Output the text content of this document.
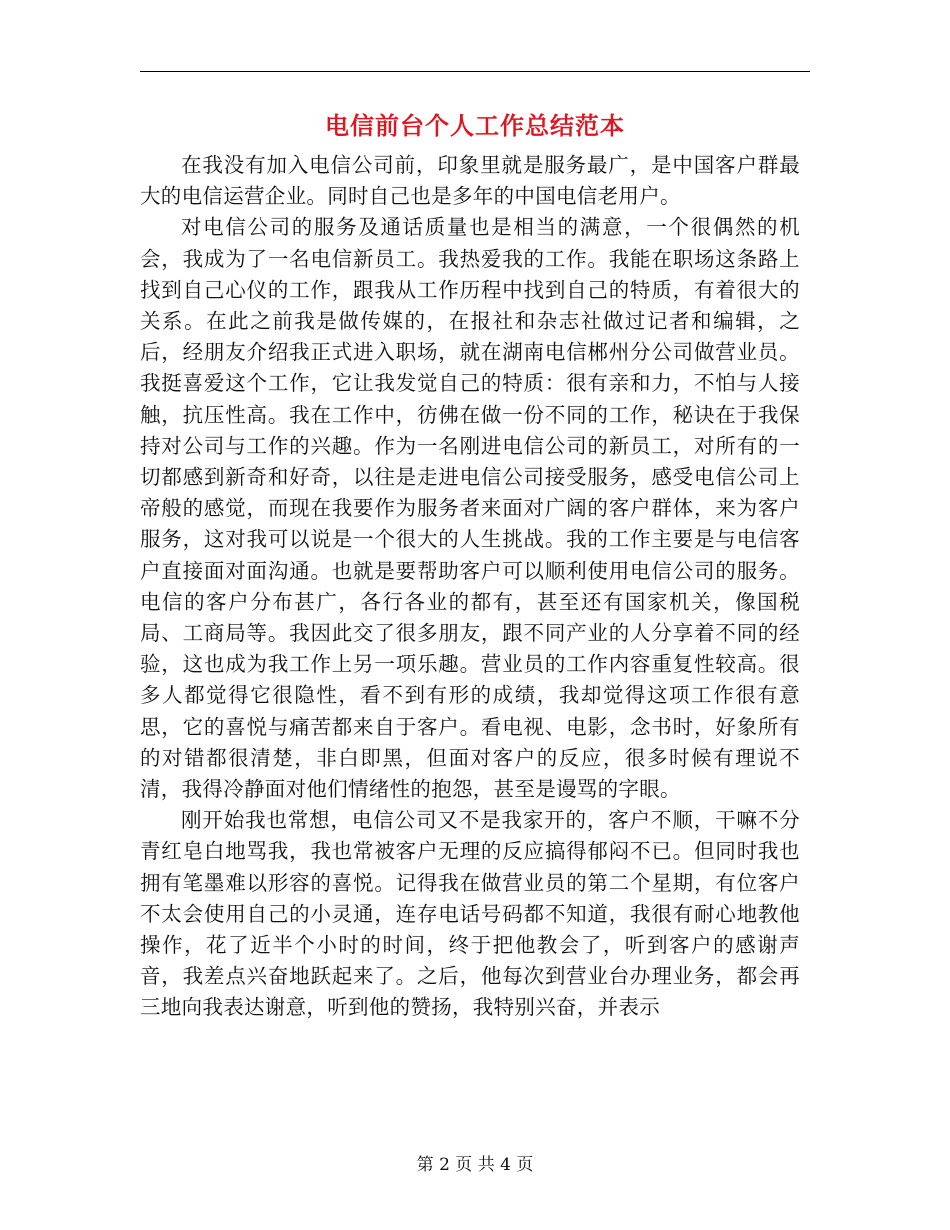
电信前台个人工作总结范本

在我没有加入电信公司前，印象里就是服务最广，是中国客户群最大的电信运营企业。同时自己也是多年的中国电信老用户。

对电信公司的服务及通话质量也是相当的满意，一个很偶然的机会，我成为了一名电信新员工。我热爱我的工作。我能在职场这条路上找到自己心仪的工作，跟我从工作历程中找到自己的特质，有着很大的关系。在此之前我是做传媒的，在报社和杂志社做过记者和编辑，之后，经朋友介绍我正式进入职场，就在湖南电信郴州分公司做营业员。我挺喜爱这个工作，它让我发觉自己的特质：很有亲和力，不怕与人接触，抗压性高。我在工作中，彷佛在做一份不同的工作，秘诀在于我保持对公司与工作的兴趣。作为一名刚进电信公司的新员工，对所有的一切都感到新奇和好奇，以往是走进电信公司接受服务，感受电信公司上帝般的感觉，而现在我要作为服务者来面对广阔的客户群体，来为客户服务，这对我可以说是一个很大的人生挑战。我的工作主要是与电信客户直接面对面沟通。也就是要帮助客户可以顺利使用电信公司的服务。电信的客户分布甚广，各行各业的都有，甚至还有国家机关，像国税局、工商局等。我因此交了很多朋友，跟不同产业的人分享着不同的经验，这也成为我工作上另一项乐趣。营业员的工作内容重复性较高。很多人都觉得它很隐性，看不到有形的成绩，我却觉得这项工作很有意思，它的喜悦与痛苦都来自于客户。看电视、电影，念书时，好象所有的对错都很清楚，非白即黑，但面对客户的反应，很多时候有理说不清，我得冷静面对他们情绪性的抱怨，甚至是谩骂的字眼。

刚开始我也常想，电信公司又不是我家开的，客户不顺，干嘛不分青红皂白地骂我，我也常被客户无理的反应搞得郁闷不已。但同时我也拥有笔墨难以形容的喜悦。记得我在做营业员的第二个星期，有位客户不太会使用自己的小灵通，连存电话号码都不知道，我很有耐心地教他操作，花了近半个小时的时间，终于把他教会了，听到客户的感谢声音，我差点兴奋地跃起来了。之后，他每次到营业台办理业务，都会再三地向我表达谢意，听到他的赞扬，我特别兴奋，并表示

第 2 页 共 4 页
